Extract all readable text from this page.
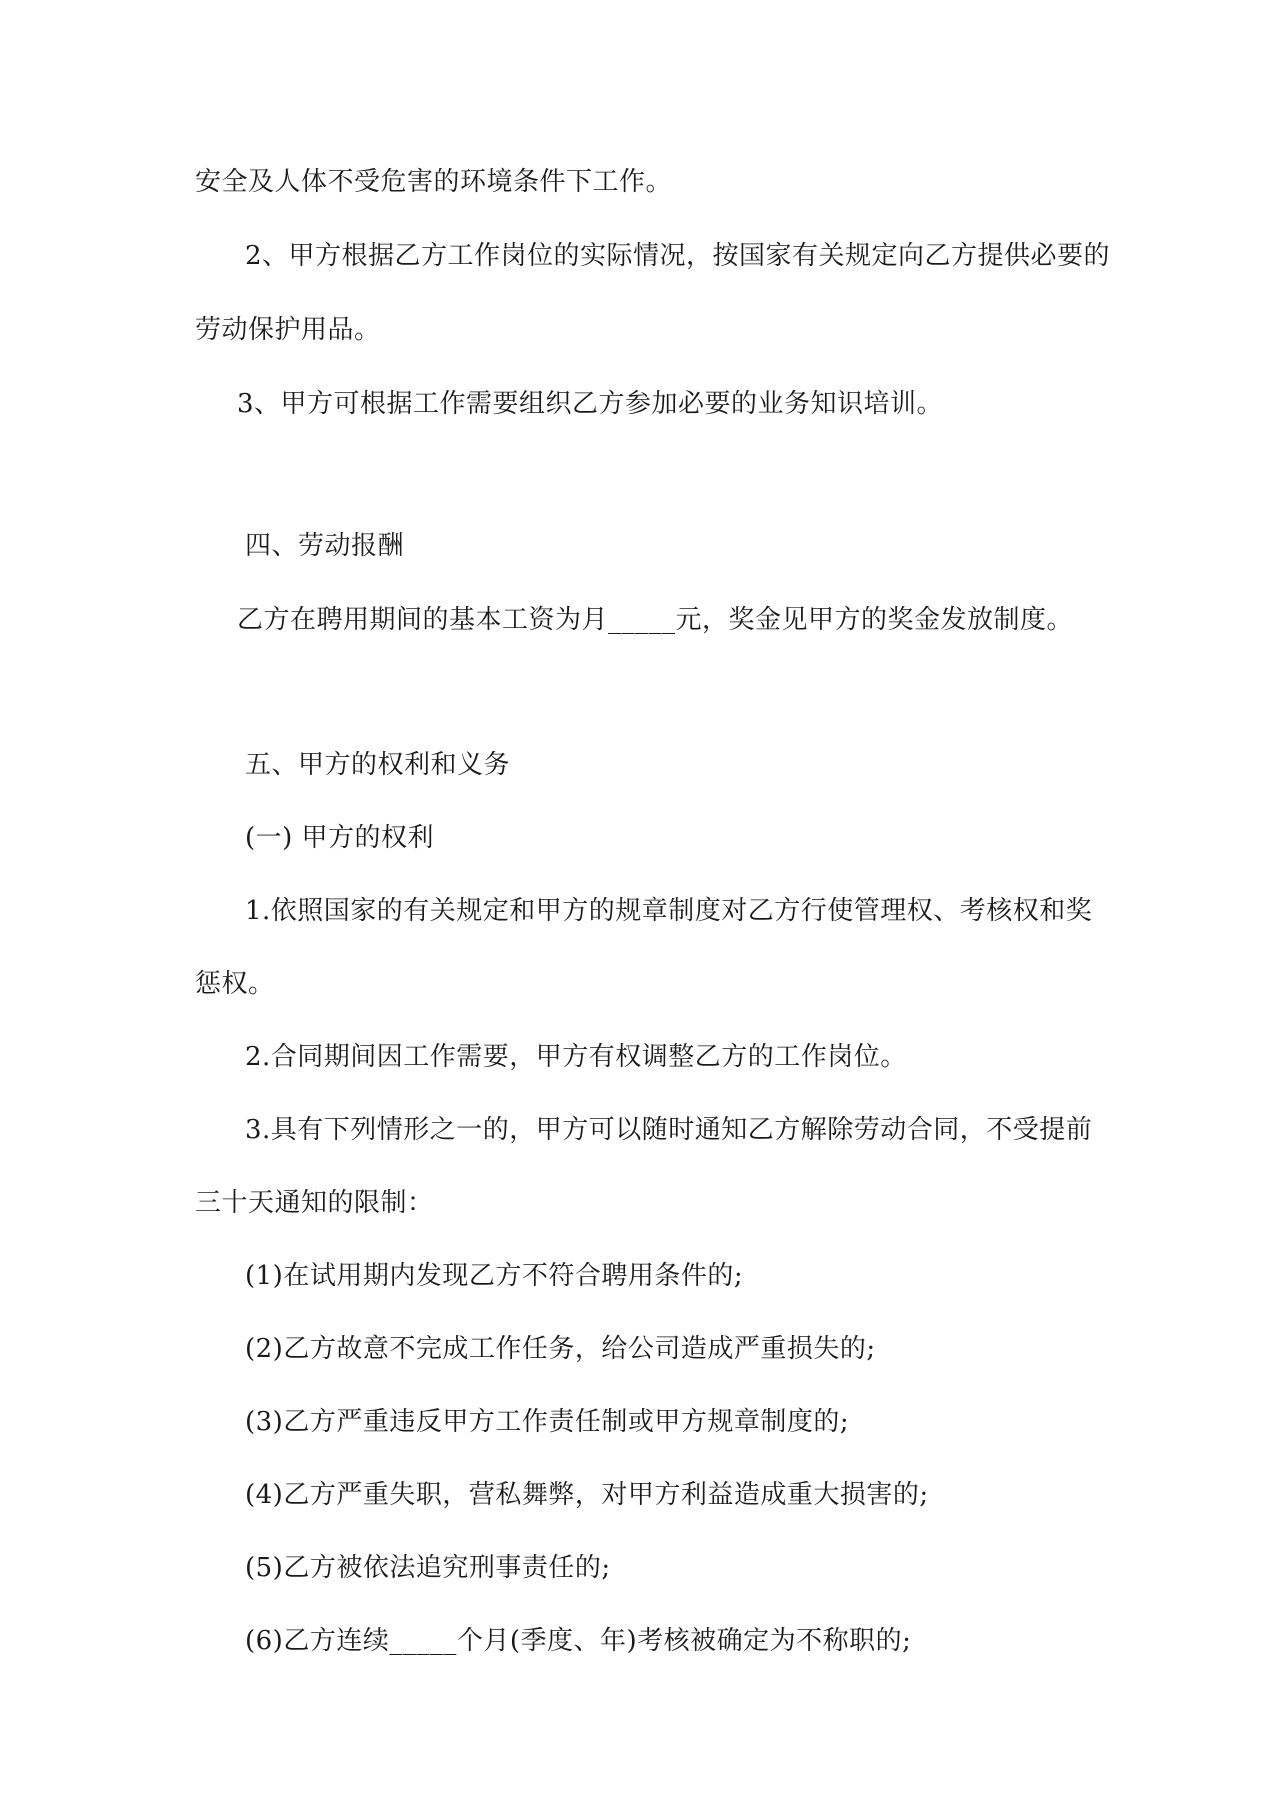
安全及人体不受危害的环境条件下工作。
2、甲方根据乙方工作岗位的实际情况，按国家有关规定向乙方提供必要的
劳动保护用品。
3、甲方可根据工作需要组织乙方参加必要的业务知识培训。
四、劳动报酬
乙方在聘用期间的基本工资为月_____元，奖金见甲方的奖金发放制度。
五、甲方的权利和义务
(一) 甲方的权利
1.依照国家的有关规定和甲方的规章制度对乙方行使管理权、考核权和奖
惩权。
2.合同期间因工作需要，甲方有权调整乙方的工作岗位。
3.具有下列情形之一的，甲方可以随时通知乙方解除劳动合同，不受提前
三十天通知的限制：
(1)在试用期内发现乙方不符合聘用条件的;
(2)乙方故意不完成工作任务，给公司造成严重损失的;
(3)乙方严重违反甲方工作责任制或甲方规章制度的;
(4)乙方严重失职，营私舞弊，对甲方利益造成重大损害的;
(5)乙方被依法追究刑事责任的;
(6)乙方连续_____个月(季度、年)考核被确定为不称职的;
